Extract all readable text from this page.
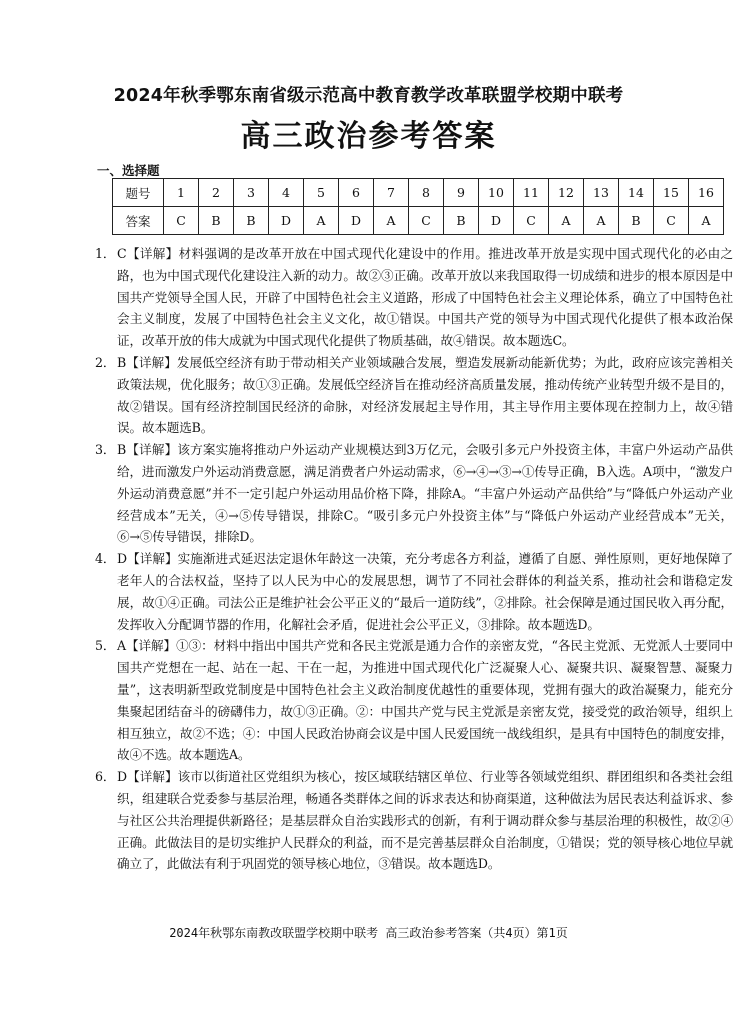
2024年秋季鄂东南省级示范高中教育教学改革联盟学校期中联考
高三政治参考答案
一、选择题
题号	1	2	3	4	5	6	7	8	9	10	11	12	13	14	15	16
答案	C	B	B	D	A	D	A	C	B	D	C	A	A	B	C	A

1． C【详解】材料强调的是改革开放在中国式现代化建设中的作用。推进改革开放是实现中国式现代化的必由之路，也为中国式现代化建设注入新的动力。故②③正确。改革开放以来我国取得一切成绩和进步的根本原因是中国共产党领导全国人民，开辟了中国特色社会主义道路，形成了中国特色社会主义理论体系，确立了中国特色社会主义制度，发展了中国特色社会主义文化，故①错误。中国共产党的领导为中国式现代化提供了根本政治保证，改革开放的伟大成就为中国式现代化提供了物质基础，故④错误。故本题选C。

2． B【详解】发展低空经济有助于带动相关产业领域融合发展，塑造发展新动能新优势；为此，政府应该完善相关政策法规，优化服务；故①③正确。发展低空经济旨在推动经济高质量发展，推动传统产业转型升级不是目的，故②错误。国有经济控制国民经济的命脉，对经济发展起主导作用，其主导作用主要体现在控制力上，故④错误。故本题选B。

3． B【详解】该方案实施将推动户外运动产业规模达到3万亿元，会吸引多元户外投资主体，丰富户外运动产品供给，进而激发户外运动消费意愿，满足消费者户外运动需求，⑥→④→③→①传导正确，B入选。A项中，“激发户外运动消费意愿”并不一定引起户外运动用品价格下降，排除A。“丰富户外运动产品供给”与“降低户外运动产业经营成本”无关，④→⑤传导错误，排除C。“吸引多元户外投资主体”与“降低户外运动产业经营成本”无关，⑥→⑤传导错误，排除D。

4． D【详解】实施渐进式延迟法定退休年龄这一决策，充分考虑各方利益，遵循了自愿、弹性原则，更好地保障了老年人的合法权益，坚持了以人民为中心的发展思想，调节了不同社会群体的利益关系，推动社会和谐稳定发展，故①④正确。司法公正是维护社会公平正义的“最后一道防线”，②排除。社会保障是通过国民收入再分配，发挥收入分配调节器的作用，化解社会矛盾，促进社会公平正义，③排除。故本题选D。

5． A【详解】①③：材料中指出中国共产党和各民主党派是通力合作的亲密友党，“各民主党派、无党派人士要同中国共产党想在一起、站在一起、干在一起，为推进中国式现代化广泛凝聚人心、凝聚共识、凝聚智慧、凝聚力量”，这表明新型政党制度是中国特色社会主义政治制度优越性的重要体现，党拥有强大的政治凝聚力，能充分集聚起团结奋斗的磅礴伟力，故①③正确。②：中国共产党与民主党派是亲密友党，接受党的政治领导，组织上相互独立，故②不选；④：中国人民政治协商会议是中国人民爱国统一战线组织，是具有中国特色的制度安排，故④不选。故本题选A。

6． D【详解】该市以街道社区党组织为核心，按区域联结辖区单位、行业等各领域党组织、群团组织和各类社会组织，组建联合党委参与基层治理，畅通各类群体之间的诉求表达和协商渠道，这种做法为居民表达利益诉求、参与社区公共治理提供新路径；是基层群众自治实践形式的创新，有利于调动群众参与基层治理的积极性，故②④正确。此做法目的是切实维护人民群众的利益，而不是完善基层群众自治制度，①错误；党的领导核心地位早就确立了，此做法有利于巩固党的领导核心地位，③错误。故本题选D。

2024年秋鄂东南教改联盟学校期中联考 高三政治参考答案（共4页）第1页
